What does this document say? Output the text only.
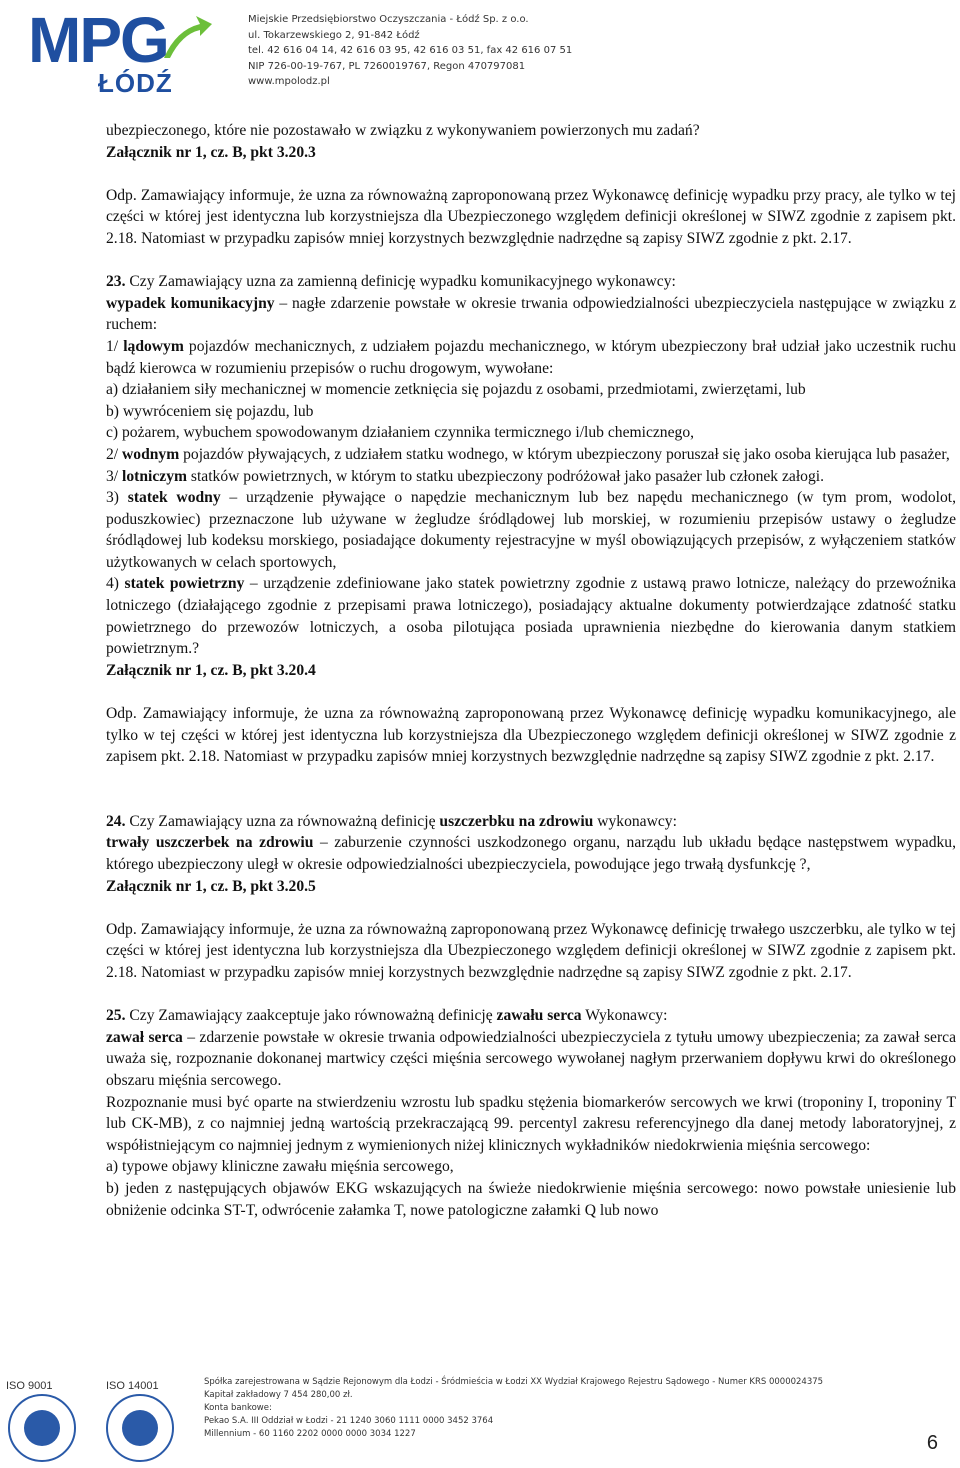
MPG
ŁÓDŹ
Miejskie Przedsiębiorstwo Oczyszczania - Łódź Sp. z o.o.
ul. Tokarzewskiego 2, 91-842 Łódź
tel. 42 616 04 14, 42 616 03 95, 42 616 03 51, fax 42 616 07 51
NIP 726-00-19-767, PL 7260019767, Regon 470797081
www.mpolodz.pl

ubezpieczonego, które nie pozostawało w związku z wykonywaniem powierzonych mu zadań?

Załącznik nr 1, cz. B, pkt 3.20.3

Odp. Zamawiający informuje, że uzna za równoważną zaproponowaną przez Wykonawcę definicję wypadku przy pracy, ale tylko w tej części w której jest identyczna lub korzystniejsza dla Ubezpieczonego względem definicji określonej w SIWZ zgodnie z zapisem pkt. 2.18. Natomiast w przypadku zapisów mniej korzystnych bezwzględnie nadrzędne są zapisy SIWZ zgodnie z pkt. 2.17.

23. Czy Zamawiający uzna za zamienną definicję wypadku komunikacyjnego wykonawcy:

wypadek komunikacyjny – nagłe zdarzenie powstałe w okresie trwania odpowiedzialności ubezpieczyciela następujące w związku z ruchem:

1/ lądowym pojazdów mechanicznych, z udziałem pojazdu mechanicznego, w którym ubezpieczony brał udział jako uczestnik ruchu bądź kierowca w rozumieniu przepisów o ruchu drogowym, wywołane:

a) działaniem siły mechanicznej w momencie zetknięcia się pojazdu z osobami, przedmiotami, zwierzętami, lub

b) wywróceniem się pojazdu, lub

c) pożarem, wybuchem spowodowanym działaniem czynnika termicznego i/lub chemicznego,

2/ wodnym pojazdów pływających, z udziałem statku wodnego, w którym ubezpieczony poruszał się jako osoba kierująca lub pasażer,

3/ lotniczym statków powietrznych, w którym to statku ubezpieczony podróżował jako pasażer lub członek załogi.

3) statek wodny – urządzenie pływające o napędzie mechanicznym lub bez napędu mechanicznego (w tym prom, wodolot, poduszkowiec) przeznaczone lub używane w żegludze śródlądowej lub morskiej, w rozumieniu przepisów ustawy o żegludze śródlądowej lub kodeksu morskiego, posiadające dokumenty rejestracyjne w myśl obowiązujących przepisów, z wyłączeniem statków użytkowanych w celach sportowych,

4) statek powietrzny – urządzenie zdefiniowane jako statek powietrzny zgodnie z ustawą prawo lotnicze, należący do przewoźnika lotniczego (działającego zgodnie z przepisami prawa lotniczego), posiadający aktualne dokumenty potwierdzające zdatność statku powietrznego do przewozów lotniczych, a osoba pilotująca posiada uprawnienia niezbędne do kierowania danym statkiem powietrznym.?

Załącznik nr 1, cz. B, pkt 3.20.4

Odp. Zamawiający informuje, że uzna za równoważną zaproponowaną przez Wykonawcę definicję wypadku komunikacyjnego, ale tylko w tej części w której jest identyczna lub korzystniejsza dla Ubezpieczonego względem definicji określonej w SIWZ zgodnie z zapisem pkt. 2.18. Natomiast w przypadku zapisów mniej korzystnych bezwzględnie nadrzędne są zapisy SIWZ zgodnie z pkt. 2.17.

24. Czy Zamawiający uzna za równoważną definicję uszczerbku na zdrowiu wykonawcy:

trwały uszczerbek na zdrowiu – zaburzenie czynności uszkodzonego organu, narządu lub układu będące następstwem wypadku, którego ubezpieczony uległ w okresie odpowiedzialności ubezpieczyciela, powodujące jego trwałą dysfunkcję ?,

Załącznik nr 1, cz. B, pkt 3.20.5

Odp. Zamawiający informuje, że uzna za równoważną zaproponowaną przez Wykonawcę definicję trwałego uszczerbku, ale tylko w tej części w której jest identyczna lub korzystniejsza dla Ubezpieczonego względem definicji określonej w SIWZ zgodnie z zapisem pkt. 2.18. Natomiast w przypadku zapisów mniej korzystnych bezwzględnie nadrzędne są zapisy SIWZ zgodnie z pkt. 2.17.

25. Czy Zamawiający zaakceptuje jako równoważną definicję zawału serca Wykonawcy:

zawał serca – zdarzenie powstałe w okresie trwania odpowiedzialności ubezpieczyciela z tytułu umowy ubezpieczenia; za zawał serca uważa się, rozpoznanie dokonanej martwicy części mięśnia sercowego wywołanej nagłym przerwaniem dopływu krwi do określonego obszaru mięśnia sercowego.

Rozpoznanie musi być oparte na stwierdzeniu wzrostu lub spadku stężenia biomarkerów sercowych we krwi (troponiny I, troponiny T lub CK-MB), z co najmniej jedną wartością przekraczającą 99. percentyl zakresu referencyjnego dla danej metody laboratoryjnej, z współistniejącym co najmniej jednym z wymienionych niżej klinicznych wykładników niedokrwienia mięśnia sercowego:

a) typowe objawy kliniczne zawału mięśnia sercowego,

b) jeden z następujących objawów EKG wskazujących na świeże niedokrwienie mięśnia sercowego: nowo powstałe uniesienie lub obniżenie odcinka ST-T, odwrócenie załamka T, nowe patologiczne załamki Q lub nowo

ISO 9001	ISO 14001	Spółka zarejestrowana w Sądzie Rejonowym dla Łodzi - Śródmieścia w Łodzi XX Wydział Krajowego Rejestru Sądowego - Numer KRS 0000024375
Kapitał zakładowy 7 454 280,00 zł.
Konta bankowe:
Pekao S.A. III Oddział w Łodzi - 21 1240 3060 1111 0000 3452 3764
Millennium - 60 1160 2202 0000 0000 3034 1227	6
